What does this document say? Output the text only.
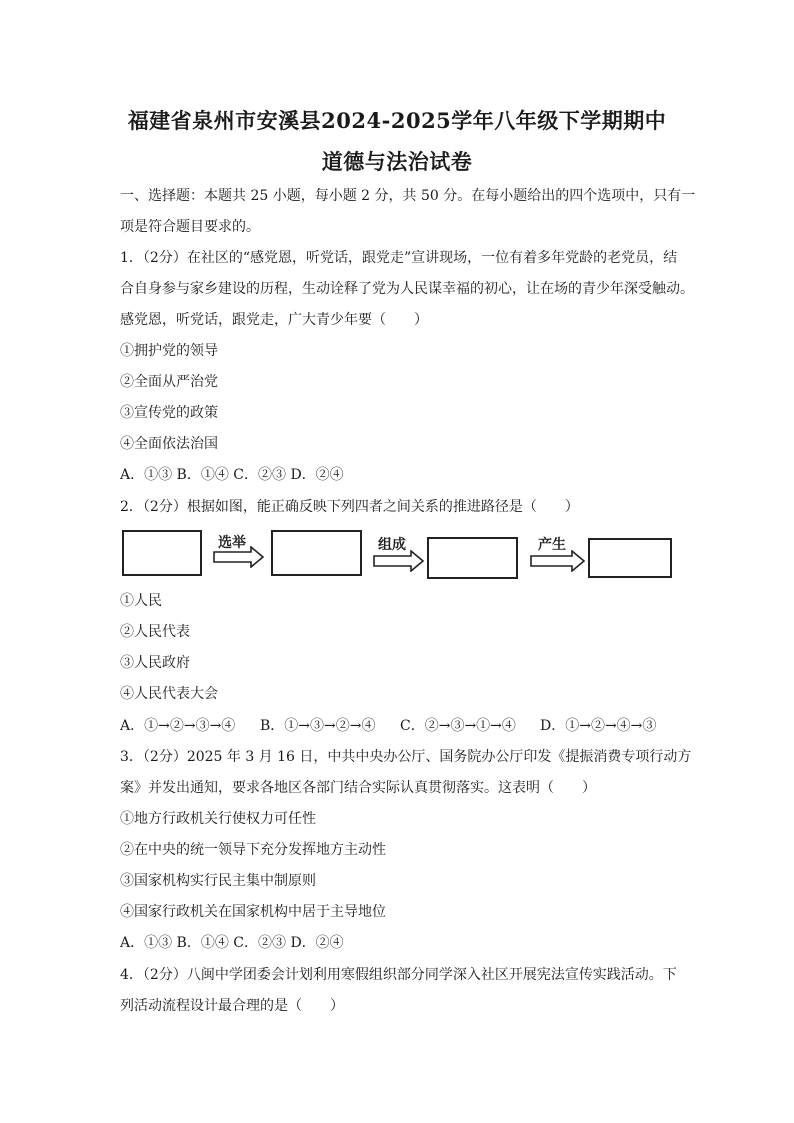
福建省泉州市安溪县2024-2025学年八年级下学期期中
道德与法治试卷
一、选择题：本题共 25 小题，每小题 2 分，共 50 分。在每小题给出的四个选项中，只有一
项是符合题目要求的。
1．（2分）在社区的“感党恩，听党话，跟党走”宣讲现场，一位有着多年党龄的老党员，结
合自身参与家乡建设的历程，生动诠释了党为人民谋幸福的初心，让在场的青少年深受触动。
感党恩，听党话，跟党走，广大青少年要（　　）
①拥护党的领导
②全面从严治党
③宣传党的政策
④全面依法治国
A．①③ B．①④ C．②③ D．②④
2．（2分）根据如图，能正确反映下列四者之间关系的推进路径是（　　）
选举	组成	产生
①人民
②人民代表
③人民政府
④人民代表大会
A．①→②→③→④ B．①→③→②→④ C．②→③→①→④ D．①→②→④→③
3．（2分）2025 年 3 月 16 日，中共中央办公厅、国务院办公厅印发《提振消费专项行动方
案》并发出通知，要求各地区各部门结合实际认真贯彻落实。这表明（　　）
①地方行政机关行使权力可任性
②在中央的统一领导下充分发挥地方主动性
③国家机构实行民主集中制原则
④国家行政机关在国家机构中居于主导地位
A．①③ B．①④ C．②③ D．②④
4．（2分）八闽中学团委会计划利用寒假组织部分同学深入社区开展宪法宣传实践活动。下
列活动流程设计最合理的是（　　）
